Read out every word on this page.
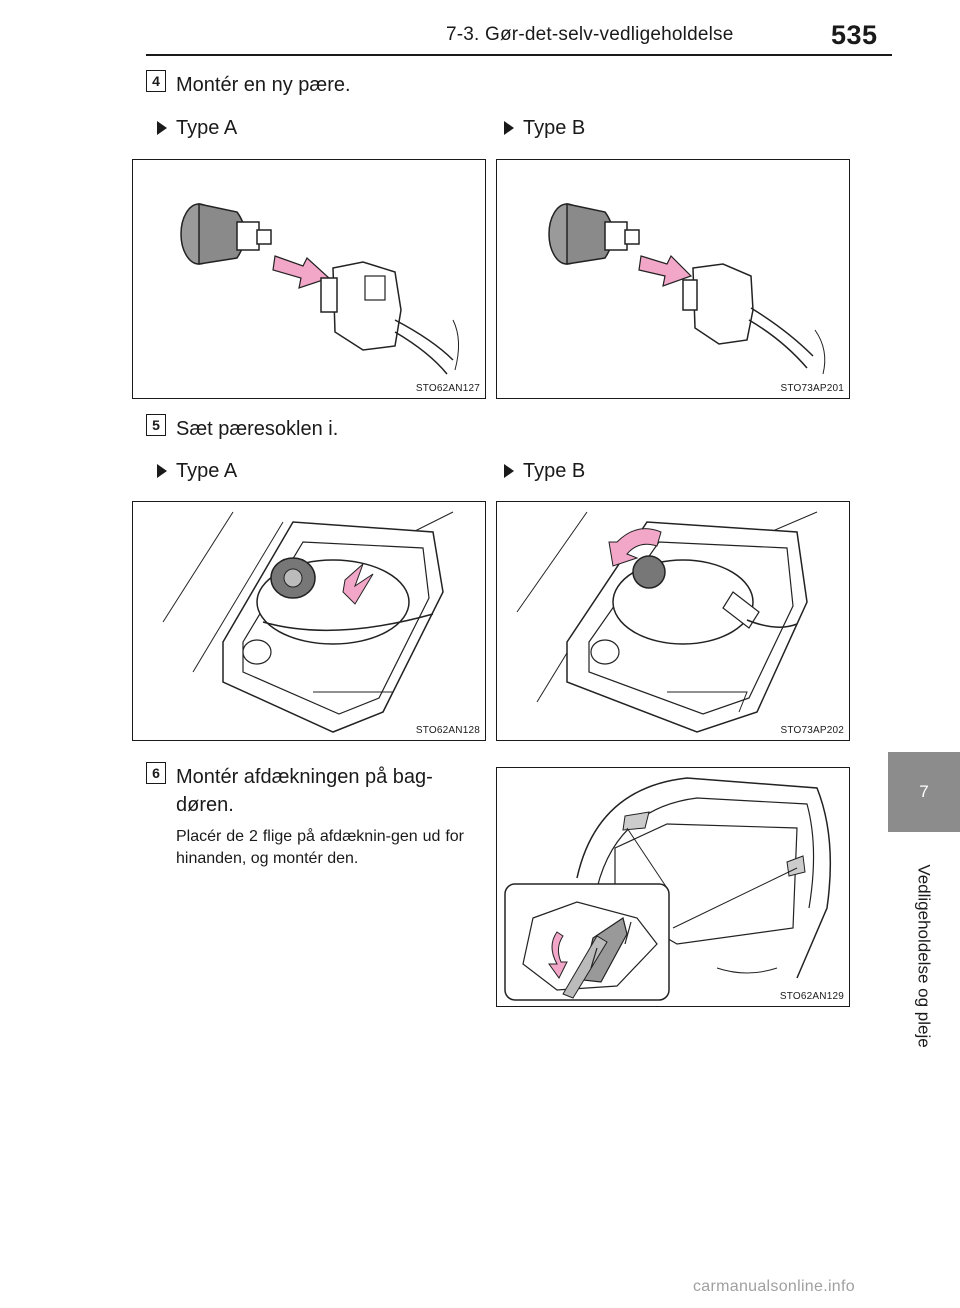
7-3. Gør-det-selv-vedligeholdelse	535
4 Montér en ny pære.
Type A	Type B
STO62AN127	STO73AP201
5 Sæt pæresoklen i.
Type A	Type B
STO62AN128	STO73AP202
6 Montér afdækningen på bag-
døren.
Placér de 2 flige på afdæknin-gen ud for hinanden, og montér den.
STO62AN129
7
Vedligeholdelse og pleje
carmanualsonline.info
